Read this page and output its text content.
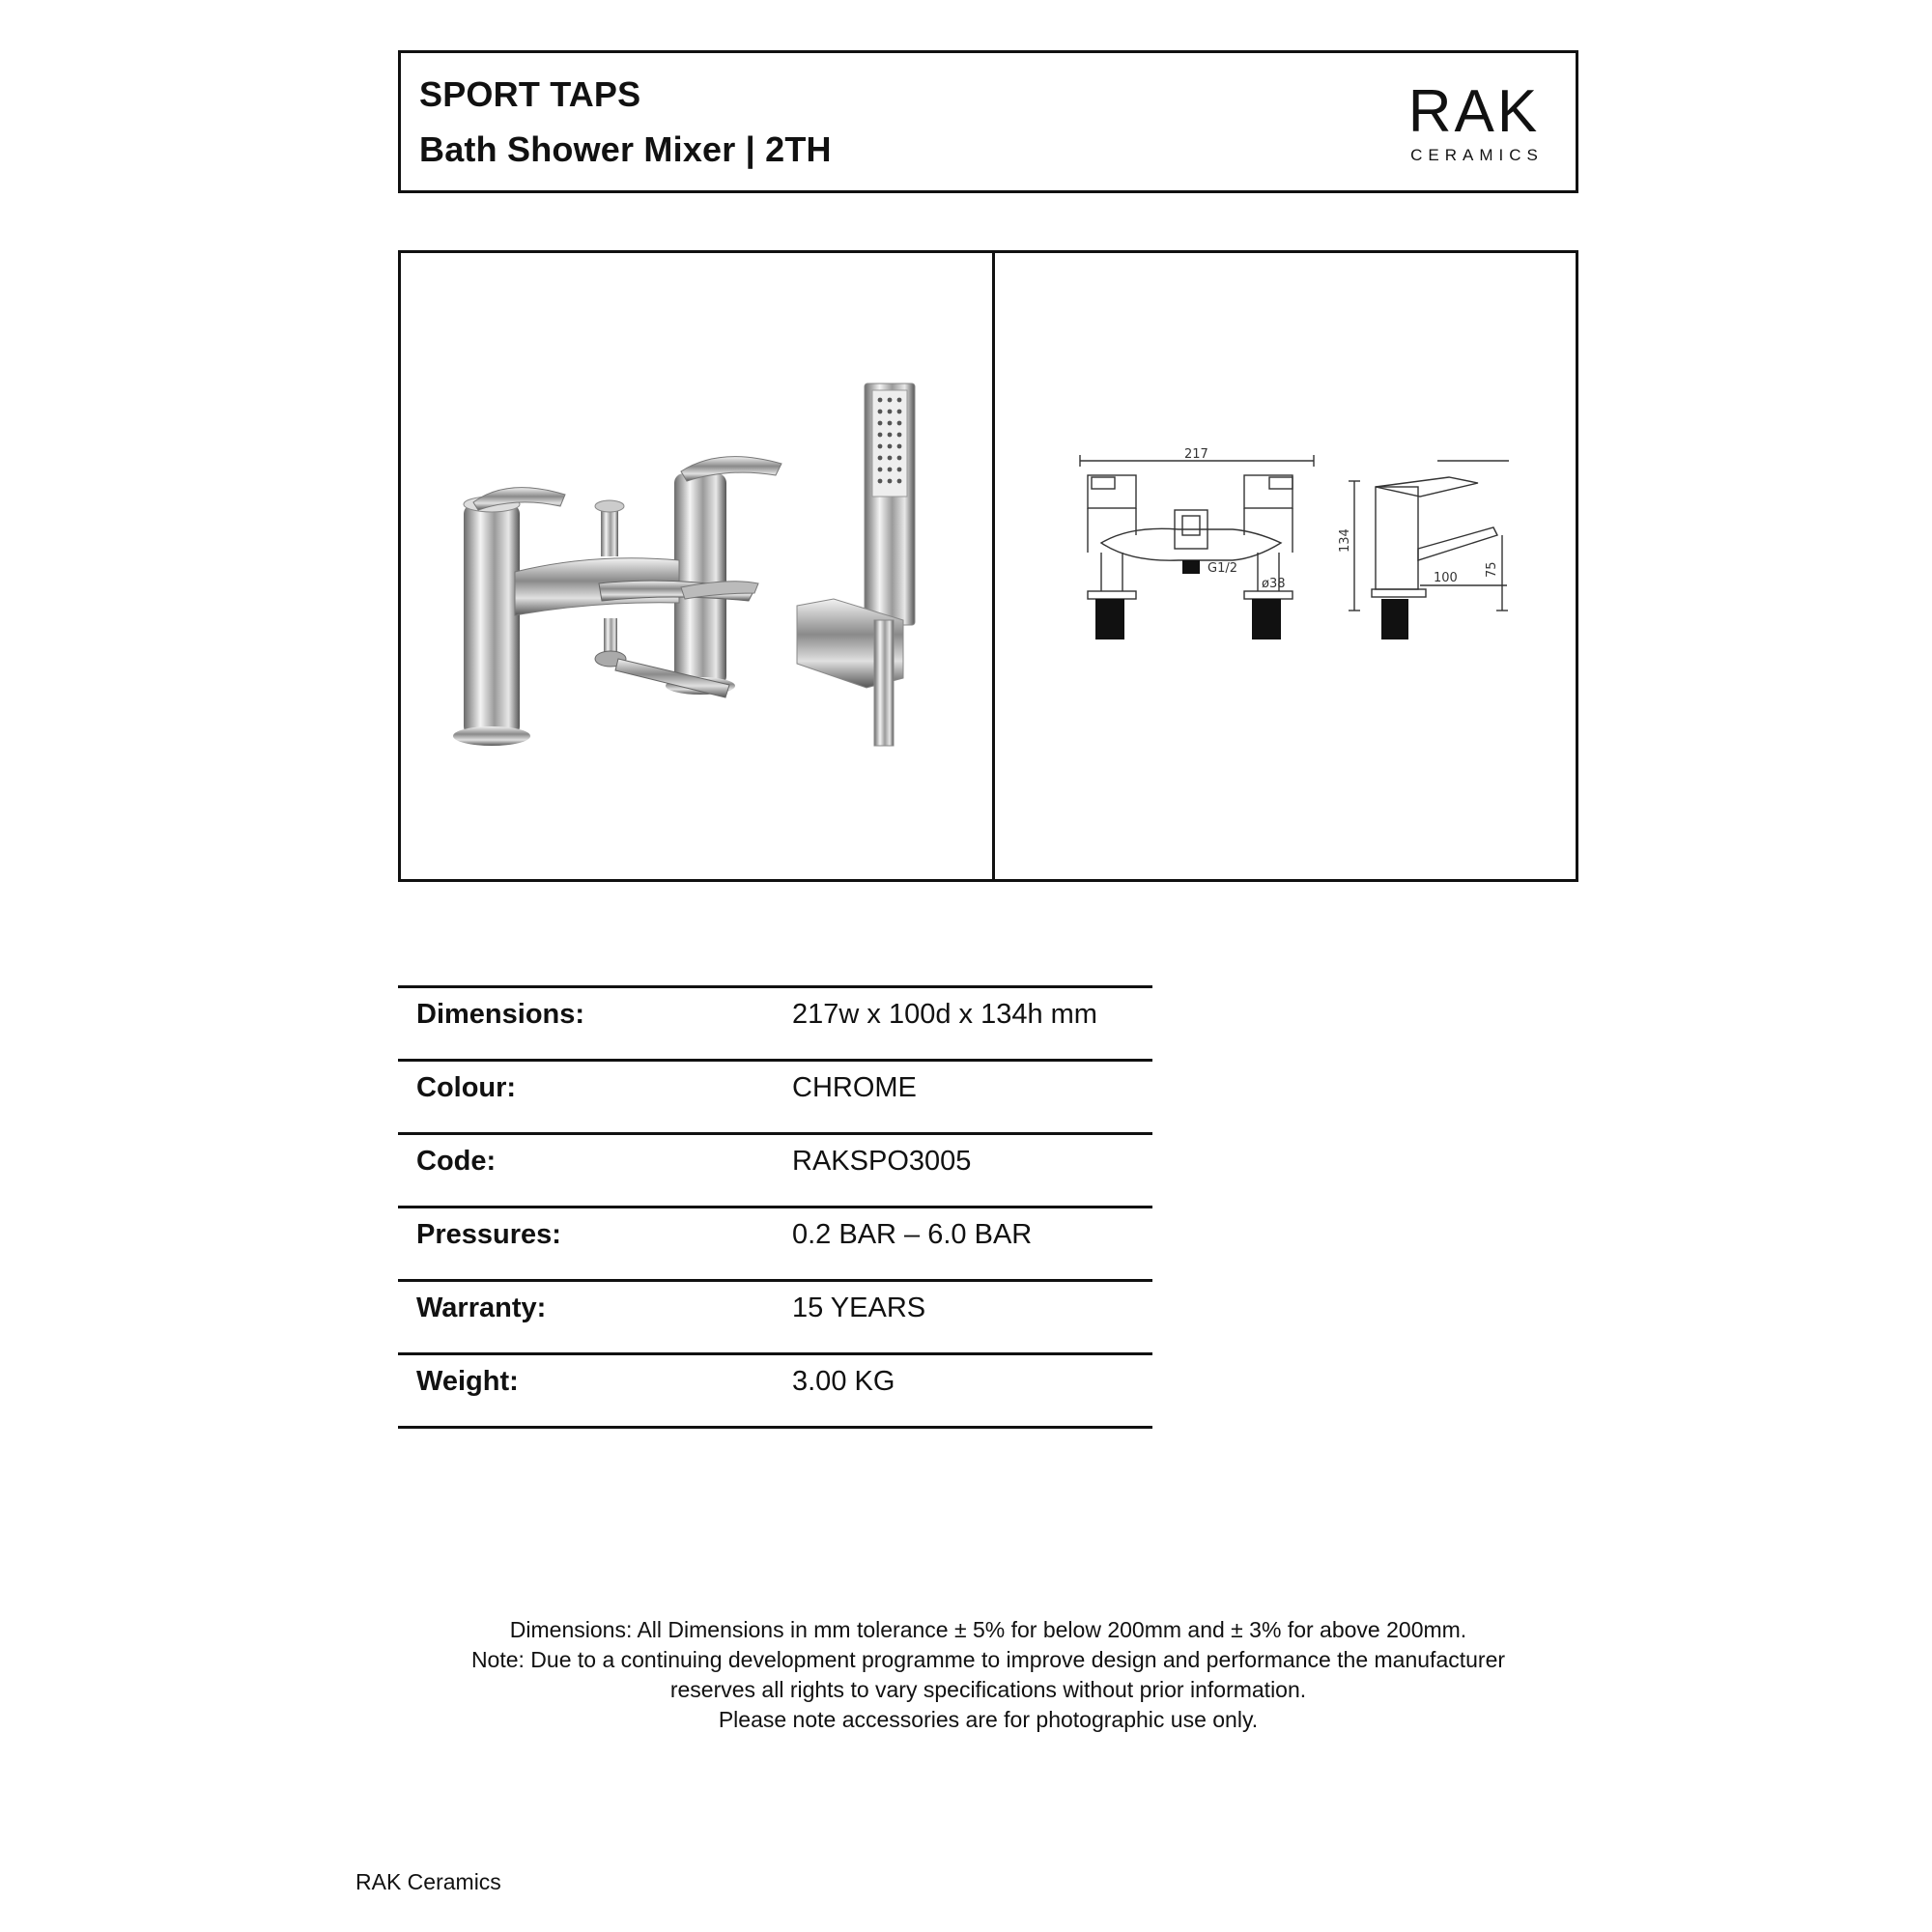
SPORT TAPS
Bath Shower Mixer | 2TH
RAK
CERAMICS
217
G1/2
ø38	100
134
75
Dimensions:	217w x 100d x 134h mm
Colour:	CHROME
Code:	RAKSPO3005
Pressures:	0.2 BAR – 6.0 BAR
Warranty:	15 YEARS
Weight:	3.00 KG
Dimensions: All Dimensions in mm tolerance ± 5% for below 200mm and ± 3% for above 200mm.
Note: Due to a continuing development programme to improve design and performance the manufacturer
reserves all rights to vary specifications without prior information.
Please note accessories are for photographic use only.
RAK Ceramics
